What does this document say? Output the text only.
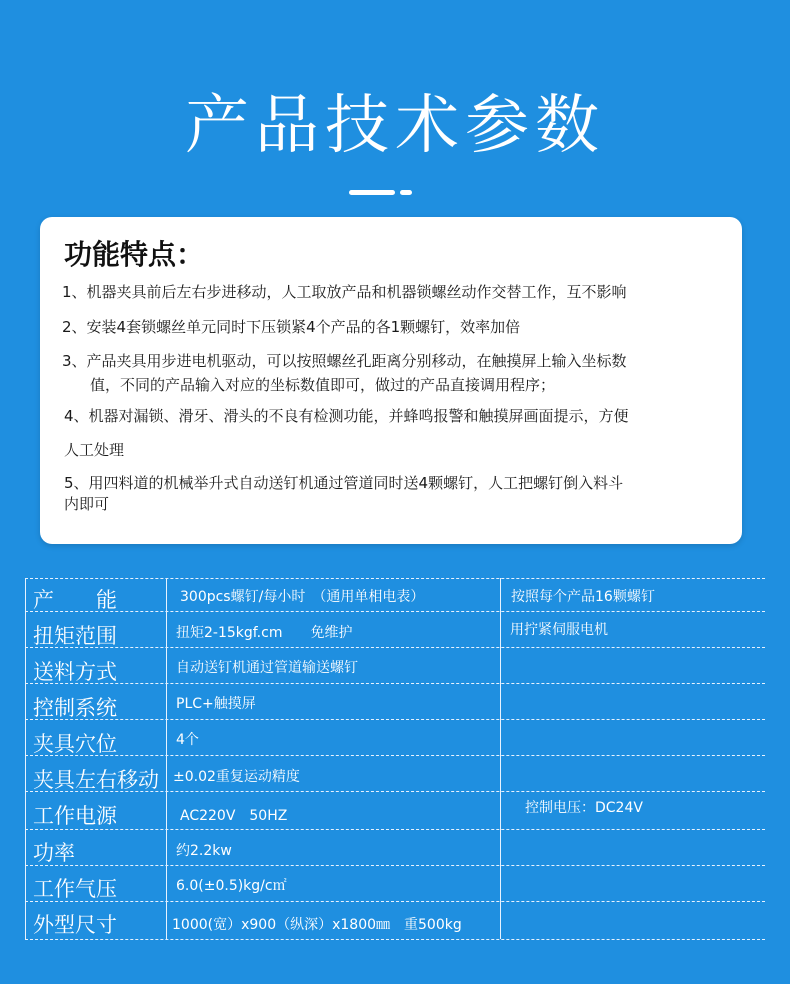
产品技术参数
功能特点：
1、机器夹具前后左右步进移动，人工取放产品和机器锁螺丝动作交替工作，互不影响
2、安装4套锁螺丝单元同时下压锁紧4个产品的各1颗螺钉，效率加倍
3、产品夹具用步进电机驱动，可以按照螺丝孔距离分别移动，在触摸屏上输入坐标数
值，不同的产品输入对应的坐标数值即可，做过的产品直接调用程序；
4、机器对漏锁、滑牙、滑头的不良有检测功能，并蜂鸣报警和触摸屏画面提示，方便
人工处理
5、用四料道的机械举升式自动送钉机通过管道同时送4颗螺钉，人工把螺钉倒入料斗
内即可
产　　能
扭矩范围
送料方式
控制系统
夹具穴位
夹具左右移动
工作电源
功率
工作气压
外型尺寸
300pcs螺钉/每小时　（通用单相电表）
扭矩2-15kgf.cm　　免维护
自动送钉机通过管道输送螺钉
PLC+触摸屏
4个
±0.02重复运动精度
AC220V　50HZ
约2.2kw
6.0(±0.5)kg/c㎡
1000(宽）x900（纵深）x1800㎜　重500kg
按照每个产品16颗螺钉
用拧紧伺服电机
控制电压：DC24V
